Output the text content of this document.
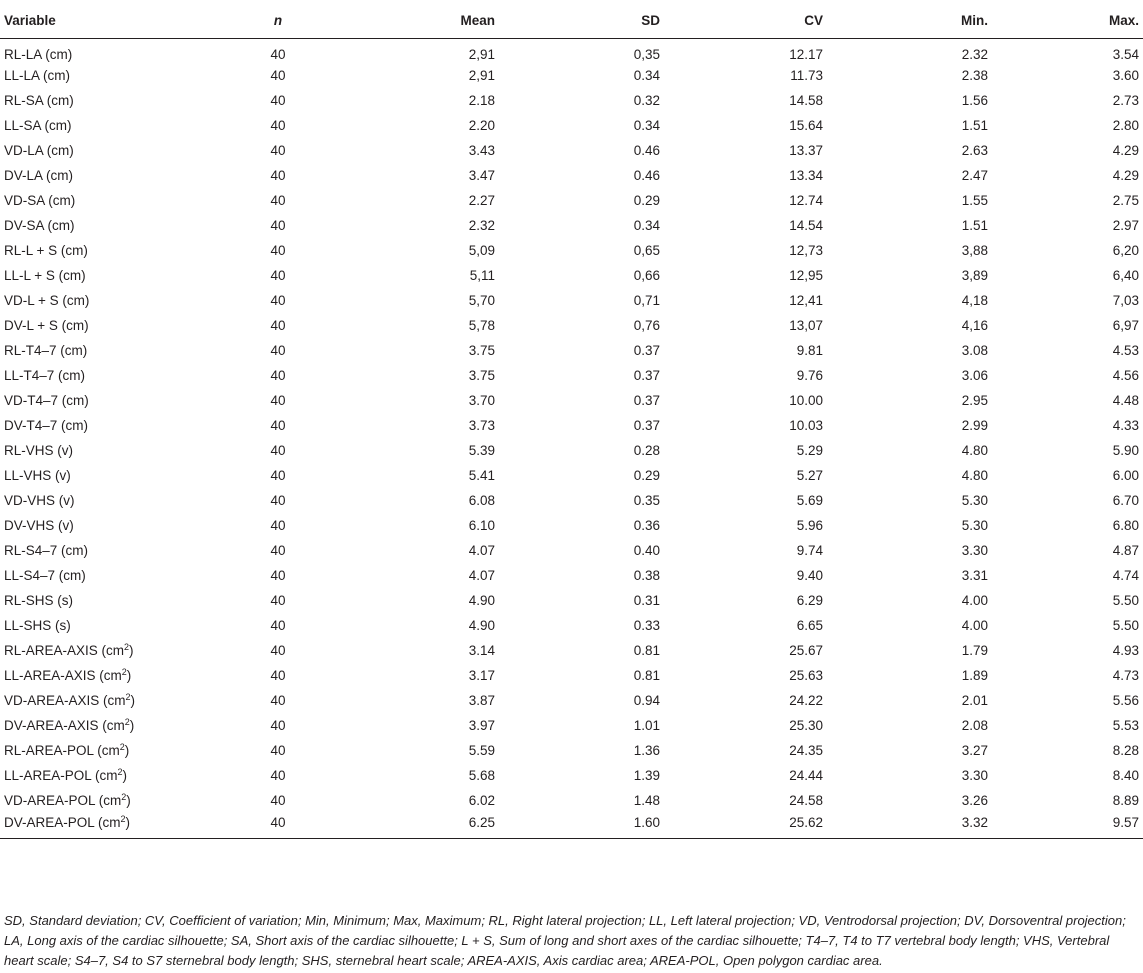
Variable	n	Mean	SD	CV	Min.	Max.
RL-LA (cm)	40	2,91	0,35	12.17	2.32	3.54
LL-LA (cm)	40	2,91	0.34	11.73	2.38	3.60
RL-SA (cm)	40	2.18	0.32	14.58	1.56	2.73
LL-SA (cm)	40	2.20	0.34	15.64	1.51	2.80
VD-LA (cm)	40	3.43	0.46	13.37	2.63	4.29
DV-LA (cm)	40	3.47	0.46	13.34	2.47	4.29
VD-SA (cm)	40	2.27	0.29	12.74	1.55	2.75
DV-SA (cm)	40	2.32	0.34	14.54	1.51	2.97
RL-L + S (cm)	40	5,09	0,65	12,73	3,88	6,20
LL-L + S (cm)	40	5,11	0,66	12,95	3,89	6,40
VD-L + S (cm)	40	5,70	0,71	12,41	4,18	7,03
DV-L + S (cm)	40	5,78	0,76	13,07	4,16	6,97
RL-T4–7 (cm)	40	3.75	0.37	9.81	3.08	4.53
LL-T4–7 (cm)	40	3.75	0.37	9.76	3.06	4.56
VD-T4–7 (cm)	40	3.70	0.37	10.00	2.95	4.48
DV-T4–7 (cm)	40	3.73	0.37	10.03	2.99	4.33
RL-VHS (v)	40	5.39	0.28	5.29	4.80	5.90
LL-VHS (v)	40	5.41	0.29	5.27	4.80	6.00
VD-VHS (v)	40	6.08	0.35	5.69	5.30	6.70
DV-VHS (v)	40	6.10	0.36	5.96	5.30	6.80
RL-S4–7 (cm)	40	4.07	0.40	9.74	3.30	4.87
LL-S4–7 (cm)	40	4.07	0.38	9.40	3.31	4.74
RL-SHS (s)	40	4.90	0.31	6.29	4.00	5.50
LL-SHS (s)	40	4.90	0.33	6.65	4.00	5.50
RL-AREA-AXIS $(cm^2)$	40	3.14	0.81	25.67	1.79	4.93
LL-AREA-AXIS $(cm^2)$	40	3.17	0.81	25.63	1.89	4.73
VD-AREA-AXIS $(cm^2)$	40	3.87	0.94	24.22	2.01	5.56
DV-AREA-AXIS $(cm^2)$	40	3.97	1.01	25.30	2.08	5.53
RL-AREA-POL $(cm^2)$	40	5.59	1.36	24.35	3.27	8.28
LL-AREA-POL $(cm^2)$	40	5.68	1.39	24.44	3.30	8.40
VD-AREA-POL $(cm^2)$	40	6.02	1.48	24.58	3.26	8.89
DV-AREA-POL $(cm^2)$	40	6.25	1.60	25.62	3.32	9.57

SD, Standard deviation; CV, Coefficient of variation; Min, Minimum; Max, Maximum; RL, Right lateral projection; LL, Left lateral projection; VD, Ventrodorsal projection; DV, Dorsoventral projection; LA, Long axis of the cardiac silhouette; SA, Short axis of the cardiac silhouette; L + S, Sum of long and short axes of the cardiac silhouette; T4–7, T4 to T7 vertebral body length; VHS, Vertebral heart scale; S4–7, S4 to S7 sternebral body length; SHS, sternebral heart scale; AREA-AXIS, Axis cardiac area; AREA-POL, Open polygon cardiac area.
